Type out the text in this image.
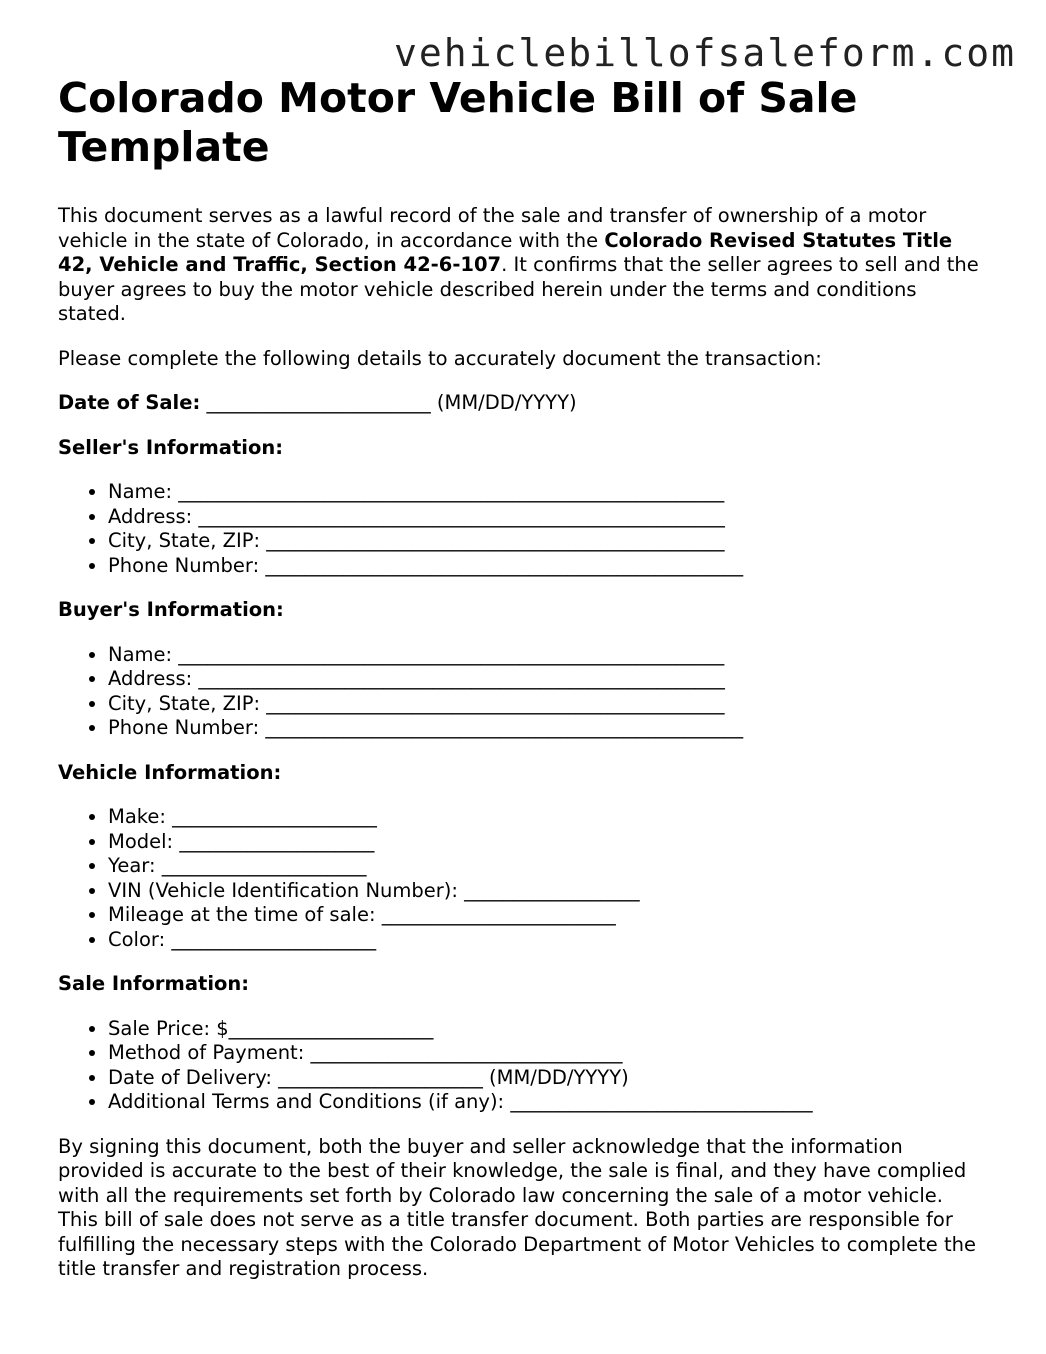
vehiclebillofsaleform.com
Colorado Motor Vehicle Bill of Sale Template

This document serves as a lawful record of the sale and transfer of ownership of a motor vehicle in the state of Colorado, in accordance with the Colorado Revised Statutes Title 42, Vehicle and Traffic, Section 42-6-107. It confirms that the seller agrees to sell and the buyer agrees to buy the motor vehicle described herein under the terms and conditions stated.

Please complete the following details to accurately document the transaction:

Date of Sale: _______________________ (MM/DD/YYYY)

Seller's Information:
• Name: ________________________________________________________
• Address: ______________________________________________________
• City, State, ZIP: _______________________________________________
• Phone Number: _________________________________________________
Buyer's Information:
• Name: ________________________________________________________
• Address: ______________________________________________________
• City, State, ZIP: _______________________________________________
• Phone Number: _________________________________________________
Vehicle Information:
• Make: _____________________
• Model: ____________________
• Year: _____________________
• VIN (Vehicle Identification Number): __________________
• Mileage at the time of sale: ________________________
• Color: _____________________
Sale Information:
• Sale Price: $_____________________
• Method of Payment: ________________________________
• Date of Delivery: _____________________ (MM/DD/YYYY)
• Additional Terms and Conditions (if any): _______________________________

By signing this document, both the buyer and seller acknowledge that the information provided is accurate to the best of their knowledge, the sale is final, and they have complied with all the requirements set forth by Colorado law concerning the sale of a motor vehicle. This bill of sale does not serve as a title transfer document. Both parties are responsible for fulfilling the necessary steps with the Colorado Department of Motor Vehicles to complete the title transfer and registration process.
